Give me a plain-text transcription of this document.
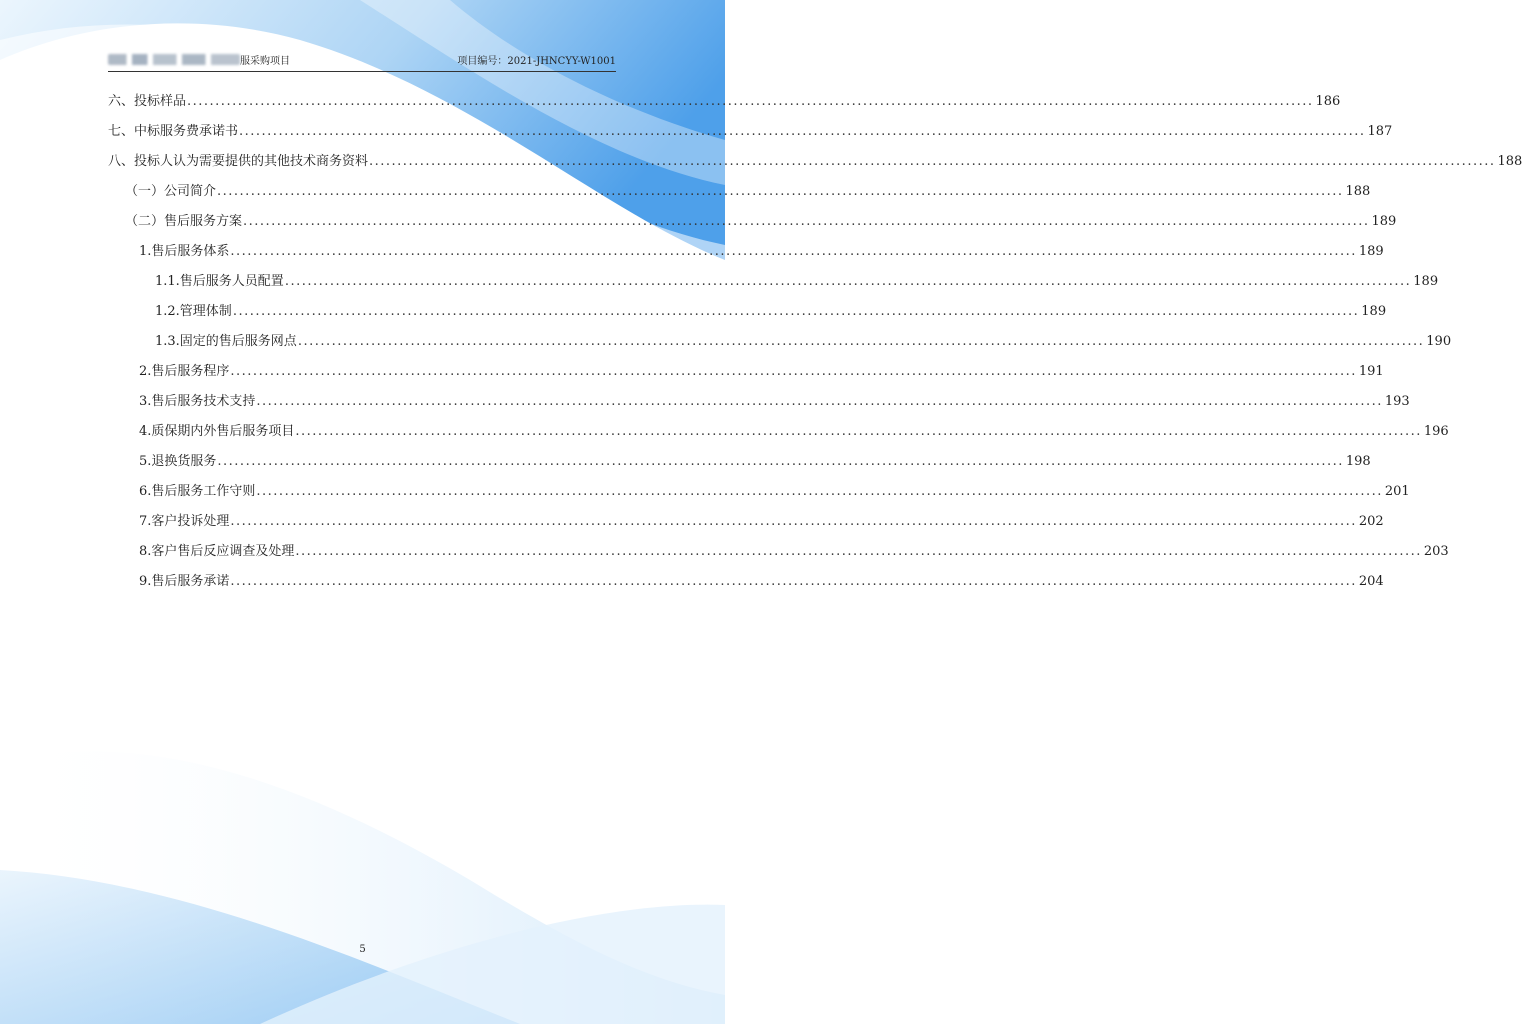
服采购项目	项目编号：2021-JHNCYY-W1001
六、投标样品 ........................................................................................................................................................................................................ 186
七、中标服务费承诺书 ........................................................................................................................................................................................................ 187
八、投标人认为需要提供的其他技术商务资料 ........................................................................................................................................................................................................ 188
（一）公司简介 ........................................................................................................................................................................................................ 188
（二）售后服务方案 ........................................................................................................................................................................................................ 189
1.售后服务体系 ........................................................................................................................................................................................................ 189
1.1.售后服务人员配置 ........................................................................................................................................................................................................ 189
1.2.管理体制 ........................................................................................................................................................................................................ 189
1.3.固定的售后服务网点 ........................................................................................................................................................................................................ 190
2.售后服务程序 ........................................................................................................................................................................................................ 191
3.售后服务技术支持 ........................................................................................................................................................................................................ 193
4.质保期内外售后服务项目 ........................................................................................................................................................................................................ 196
5.退换货服务 ........................................................................................................................................................................................................ 198
6.售后服务工作守则 ........................................................................................................................................................................................................ 201
7.客户投诉处理 ........................................................................................................................................................................................................ 202
8.客户售后反应调查及处理 ........................................................................................................................................................................................................ 203
9.售后服务承诺 ........................................................................................................................................................................................................ 204
5
